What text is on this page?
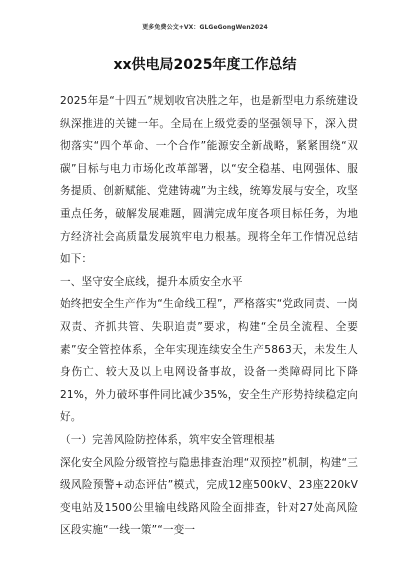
更多免费公文+VX：GLGeGongWen2024
xx供电局2025年度工作总结

2025年是“十四五”规划收官决胜之年，也是新型电力系统建设纵深推进的关键一年。全局在上级党委的坚强领导下，深入贯彻落实“四个革命、一个合作”能源安全新战略，紧紧围绕“双碳”目标与电力市场化改革部署，以“安全稳基、电网强体、服务提质、创新赋能、党建铸魂”为主线，统筹发展与安全，攻坚重点任务，破解发展难题，圆满完成年度各项目标任务，为地方经济社会高质量发展筑牢电力根基。现将全年工作情况总结如下：

一、坚守安全底线，提升本质安全水平

始终把安全生产作为“生命线工程”，严格落实“党政同责、一岗双责、齐抓共管、失职追责”要求，构建“全员全流程、全要素”安全管控体系，全年实现连续安全生产5863天，未发生人身伤亡、较大及以上电网设备事故，设备一类障碍同比下降21%，外力破坏事件同比减少35%，安全生产形势持续稳定向好。

（一）完善风险防控体系，筑牢安全管理根基

深化安全风险分级管控与隐患排查治理“双预控”机制，构建“三级风险预警+动态评估”模式，完成12座500kV、23座220kV变电站及1500公里输电线路风险全面排查，针对27处高风险区段实施“一线一策”“一变一
